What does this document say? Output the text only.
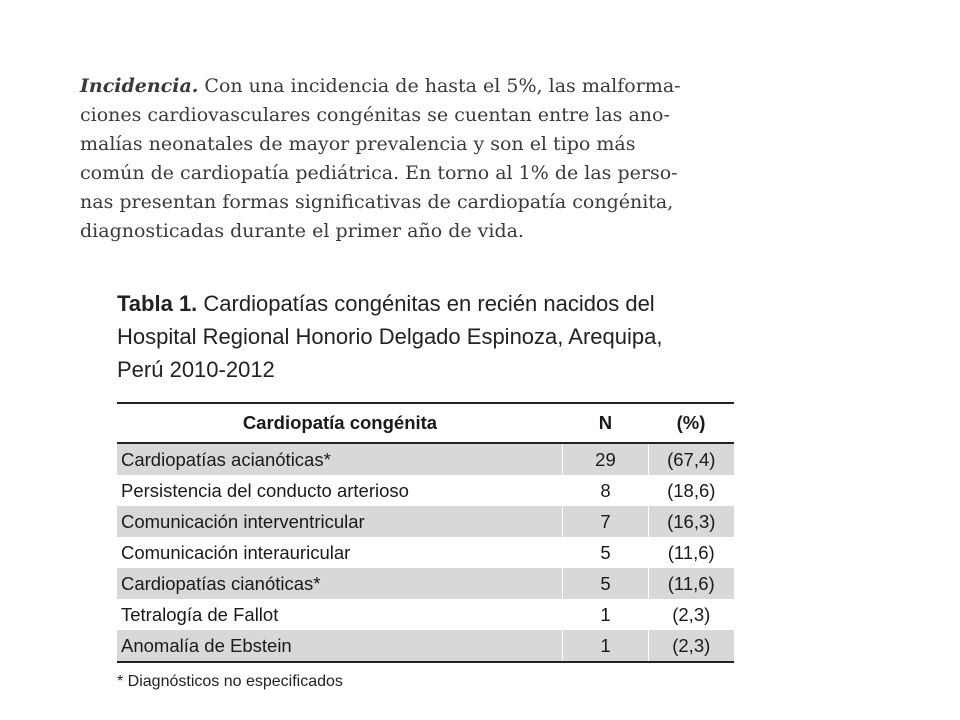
Incidencia. Con una incidencia de hasta el 5%, las malforma-
ciones cardiovasculares congénitas se cuentan entre las ano-
malías neonatales de mayor prevalencia y son el tipo más
común de cardiopatía pediátrica. En torno al 1% de las perso-
nas presentan formas significativas de cardiopatía congénita,
diagnosticadas durante el primer año de vida.
Tabla 1. Cardiopatías congénitas en recién nacidos del
Hospital Regional Honorio Delgado Espinoza, Arequipa,
Perú 2010-2012
Cardiopatía congénita	N	(%)
Cardiopatías acianóticas*	29	(67,4)
Persistencia del conducto arterioso	8	(18,6)
Comunicación interventricular	7	(16,3)
Comunicación interauricular	5	(11,6)
Cardiopatías cianóticas*	5	(11,6)
Tetralogía de Fallot	1	(2,3)
Anomalía de Ebstein	1	(2,3)
* Diagnósticos no especificados
